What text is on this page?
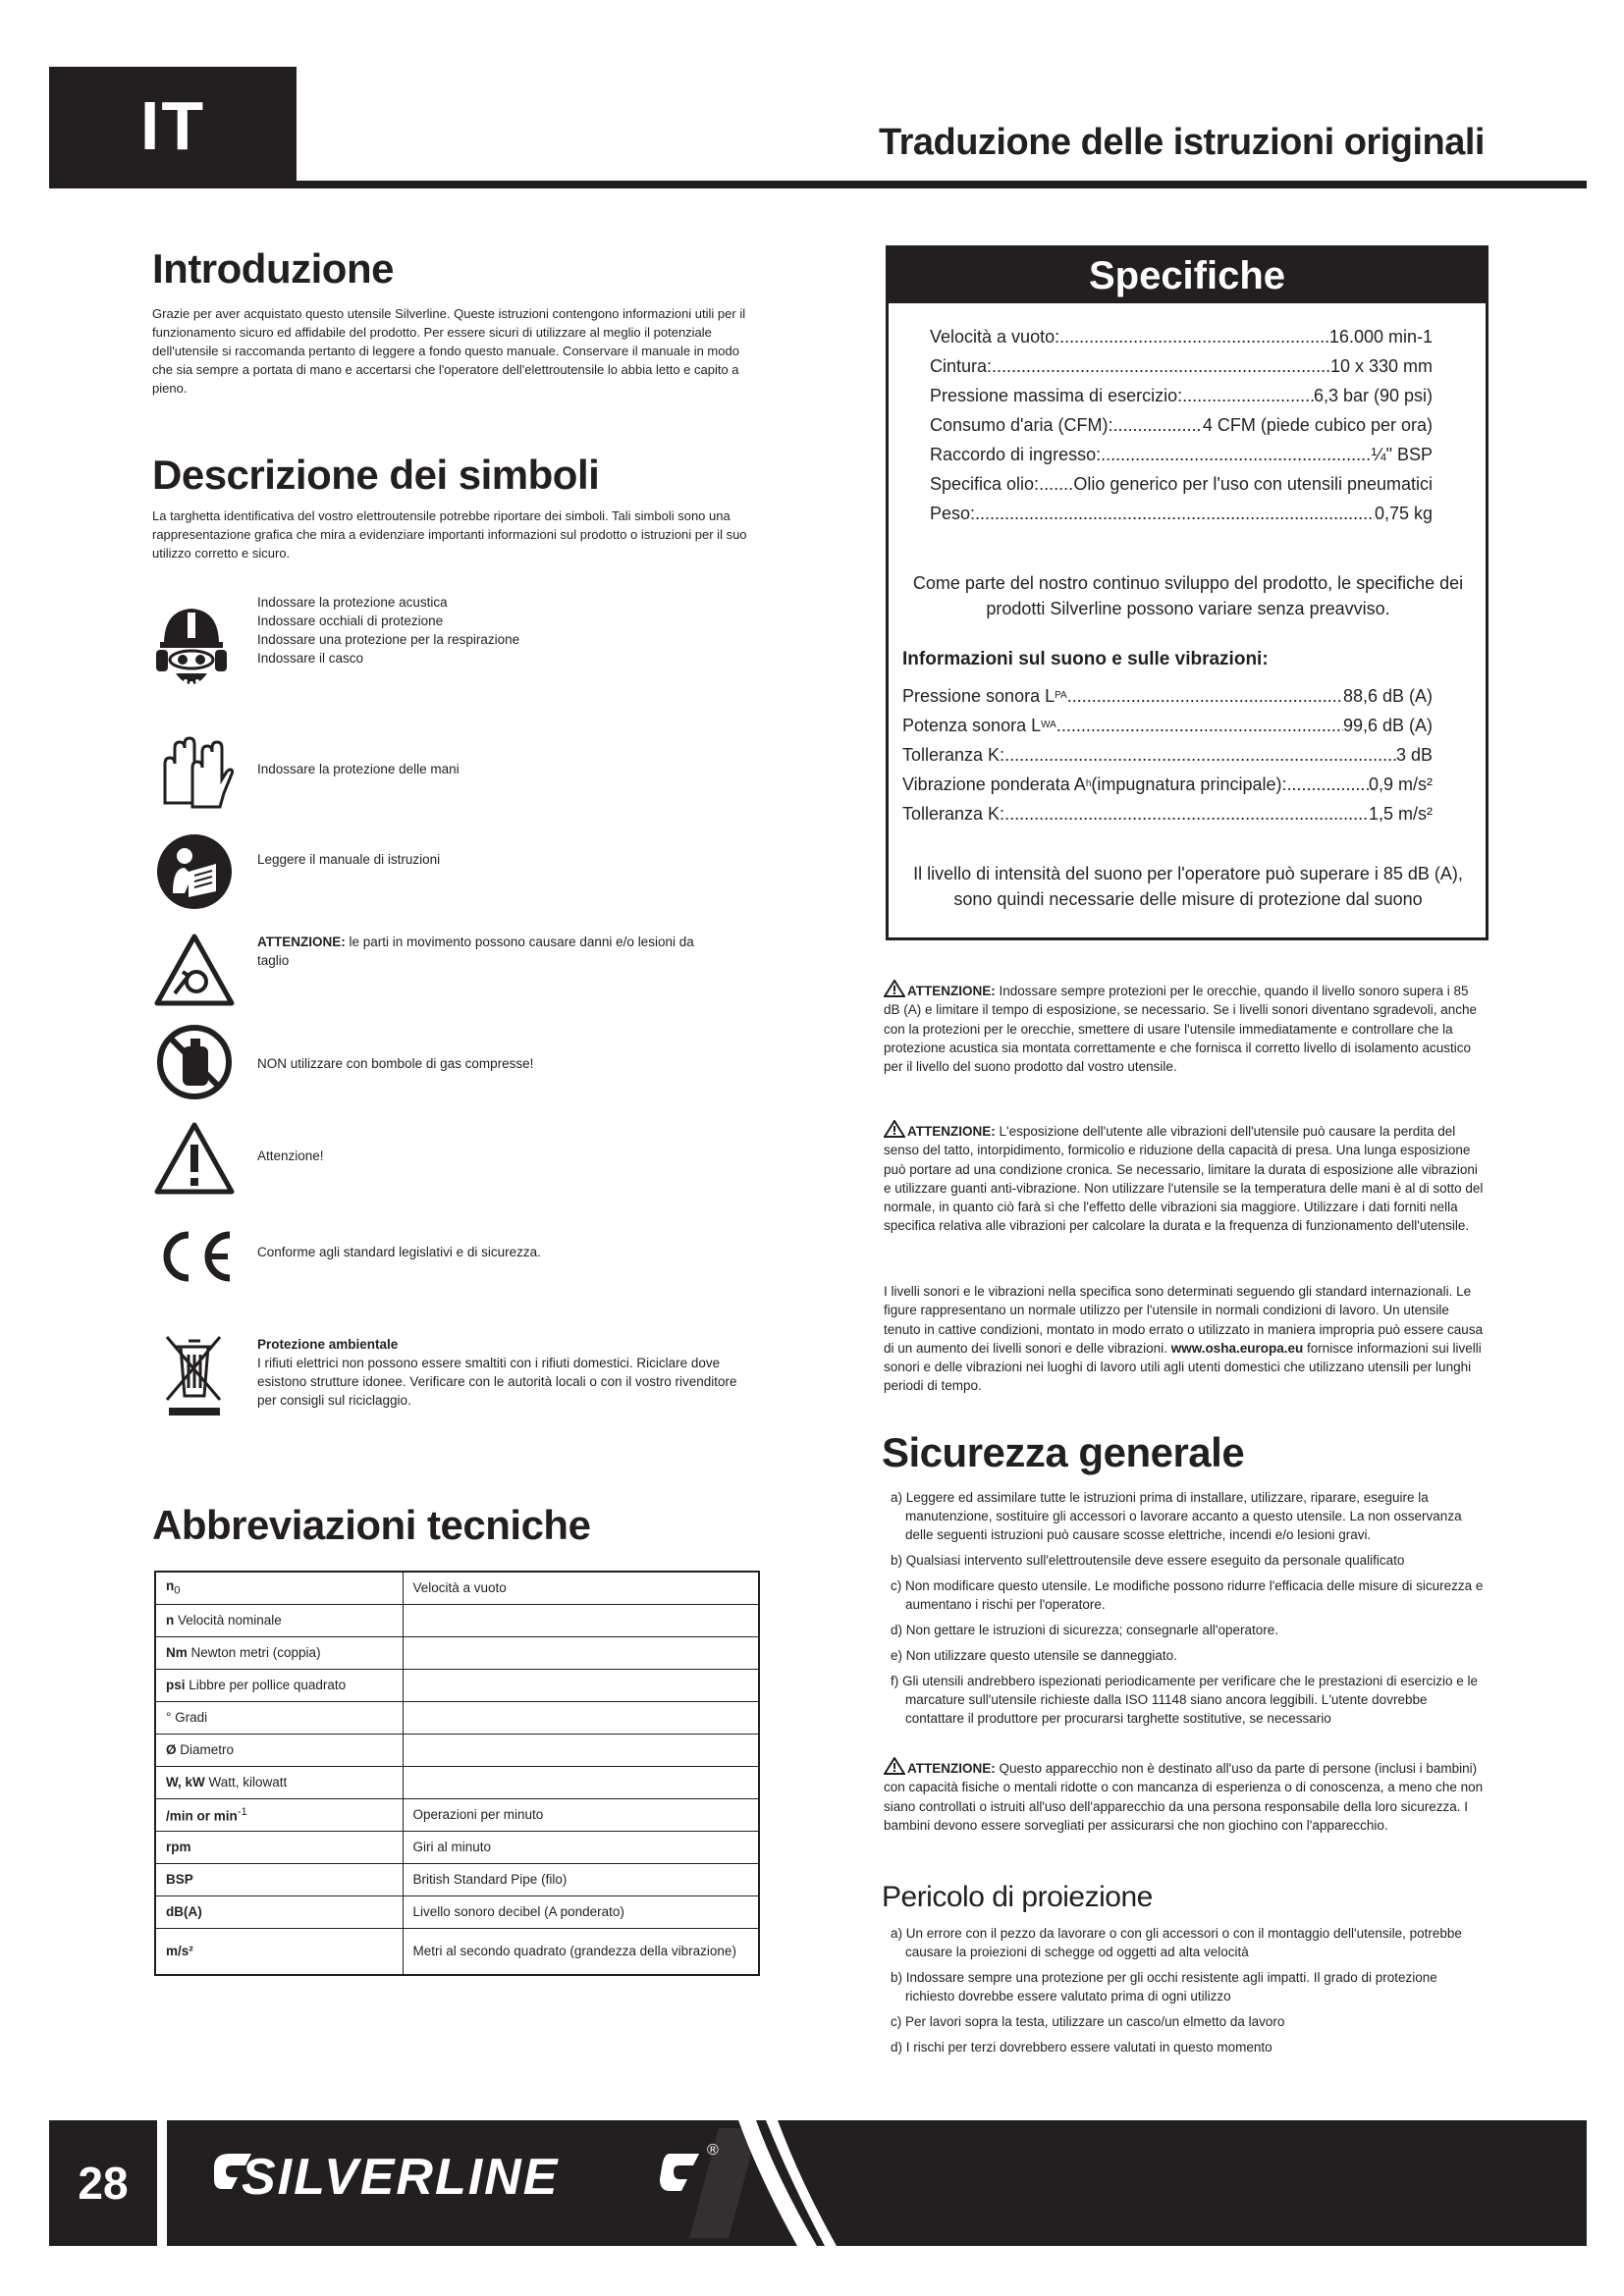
IT	Traduzione delle istruzioni originali
Introduzione

Grazie per aver acquistato questo utensile Silverline. Queste istruzioni contengono informazioni utili per il funzionamento sicuro ed affidabile del prodotto. Per essere sicuri di utilizzare al meglio il potenziale dell'utensile si raccomanda pertanto di leggere a fondo questo manuale. Conservare il manuale in modo che sia sempre a portata di mano e accertarsi che l'operatore dell'elettroutensile lo abbia letto e capito a pieno.

Descrizione dei simboli

La targhetta identificativa del vostro elettroutensile potrebbe riportare dei simboli. Tali simboli sono una rappresentazione grafica che mira a evidenziare importanti informazioni sul prodotto o istruzioni per il suo utilizzo corretto e sicuro.

Indossare la protezione acustica
Indossare occhiali di protezione
Indossare una protezione per la respirazione
Indossare il casco
Indossare la protezione delle mani
Leggere il manuale di istruzioni
ATTENZIONE: le parti in movimento possono causare danni e/o lesioni da taglio
NON utilizzare con bombole di gas compresse!
Attenzione!
Conforme agli standard legislativi e di sicurezza.
Protezione ambientale
I rifiuti elettrici non possono essere smaltiti con i rifiuti domestici. Riciclare dove esistono strutture idonee. Verificare con le autorità locali o con il vostro rivenditore per consigli sul riciclaggio.
Abbreviazioni tecniche
$n_0$	Velocità a vuoto
n Velocità nominale	
Nm Newton metri (coppia)	
psi Libbre per pollice quadrato	
° Gradi	
Ø Diametro	
W, kW Watt, kilowatt	
/min or $\min^{-1}$	Operazioni per minuto
rpm	Giri al minuto
BSP	British Standard Pipe (filo)
dB(A)	Livello sonoro decibel (A ponderato)
m/s²	Metri al secondo quadrato (grandezza della vibrazione)
Specifiche
Velocità a vuoto: .....	16.000 min-1
Cintura: .....	10 x 330 mm
Pressione massima di esercizio: .....	6,3 bar (90 psi)
Consumo d'aria (CFM): .....	4 CFM (piede cubico per ora)
Raccordo di ingresso: .....	¼" BSP
Specifica olio: ..... Olio generico per l'uso con utensili pneumatici
Peso: .....	0,75 kg
Come parte del nostro continuo sviluppo del prodotto, le specifiche dei prodotti Silverline possono variare senza preavviso.
Informazioni sul suono e sulle vibrazioni:
Pressione sonora L PA .....	88,6 dB (A)
Potenza sonora L WA .....	99,6 dB (A)
Tolleranza K: .....	3 dB
Vibrazione ponderata A h (impugnatura principale): .....	0,9 m/s²
Tolleranza K: .....	1,5 m/s²
Il livello di intensità del suono per l'operatore può superare i 85 dB (A), sono quindi necessarie delle misure di protezione dal suono

ATTENZIONE: Indossare sempre protezioni per le orecchie, quando il livello sonoro supera i 85 dB (A) e limitare il tempo di esposizione, se necessario. Se i livelli sonori diventano sgradevoli, anche con la protezioni per le orecchie, smettere di usare l'utensile immediatamente e controllare che la protezione acustica sia montata correttamente e che fornisca il corretto livello di isolamento acustico per il livello del suono prodotto dal vostro utensile.

ATTENZIONE: L'esposizione dell'utente alle vibrazioni dell'utensile può causare la perdita del senso del tatto, intorpidimento, formicolio e riduzione della capacità di presa. Una lunga esposizione può portare ad una condizione cronica. Se necessario, limitare la durata di esposizione alle vibrazioni e utilizzare guanti anti-vibrazione. Non utilizzare l'utensile se la temperatura delle mani è al di sotto del normale, in quanto ciò farà sì che l'effetto delle vibrazioni sia maggiore. Utilizzare i dati forniti nella specifica relativa alle vibrazioni per calcolare la durata e la frequenza di funzionamento dell'utensile.

I livelli sonori e le vibrazioni nella specifica sono determinati seguendo gli standard internazionali. Le figure rappresentano un normale utilizzo per l'utensile in normali condizioni di lavoro. Un utensile tenuto in cattive condizioni, montato in modo errato o utilizzato in maniera impropria può essere causa di un aumento dei livelli sonori e delle vibrazioni. www.osha.europa.eu fornisce informazioni sui livelli sonori e delle vibrazioni nei luoghi di lavoro utili agli utenti domestici che utilizzano utensili per lunghi periodi di tempo.

Sicurezza generale
a) Leggere ed assimilare tutte le istruzioni prima di installare, utilizzare, riparare, eseguire la manutenzione, sostituire gli accessori o lavorare accanto a questo utensile. La non osservanza delle seguenti istruzioni può causare scosse elettriche, incendi e/o lesioni gravi.
b) Qualsiasi intervento sull'elettroutensile deve essere eseguito da personale qualificato
c) Non modificare questo utensile. Le modifiche possono ridurre l'efficacia delle misure di sicurezza e aumentano i rischi per l'operatore.
d) Non gettare le istruzioni di sicurezza; consegnarle all'operatore.
e) Non utilizzare questo utensile se danneggiato.
f) Gli utensili andrebbero ispezionati periodicamente per verificare che le prestazioni di esercizio e le marcature sull'utensile richieste dalla ISO 11148 siano ancora leggibili. L'utente dovrebbe contattare il produttore per procurarsi targhette sostitutive, se necessario

ATTENZIONE: Questo apparecchio non è destinato all'uso da parte di persone (inclusi i bambini) con capacità fisiche o mentali ridotte o con mancanza di esperienza o di conoscenza, a meno che non siano controllati o istruiti all'uso dell'apparecchio da una persona responsabile della loro sicurezza. I bambini devono essere sorvegliati per assicurarsi che non giochino con l'apparecchio.

Pericolo di proiezione
a) Un errore con il pezzo da lavorare o con gli accessori o con il montaggio dell'utensile, potrebbe causare la proiezioni di schegge od oggetti ad alta velocità
b) Indossare sempre una protezione per gli occhi resistente agli impatti. Il grado di protezione richiesto dovrebbe essere valutato prima di ogni utilizzo
c) Per lavori sopra la testa, utilizzare un casco/un elmetto da lavoro
d) I rischi per terzi dovrebbero essere valutati in questo momento
28	SILVERLINE	®
